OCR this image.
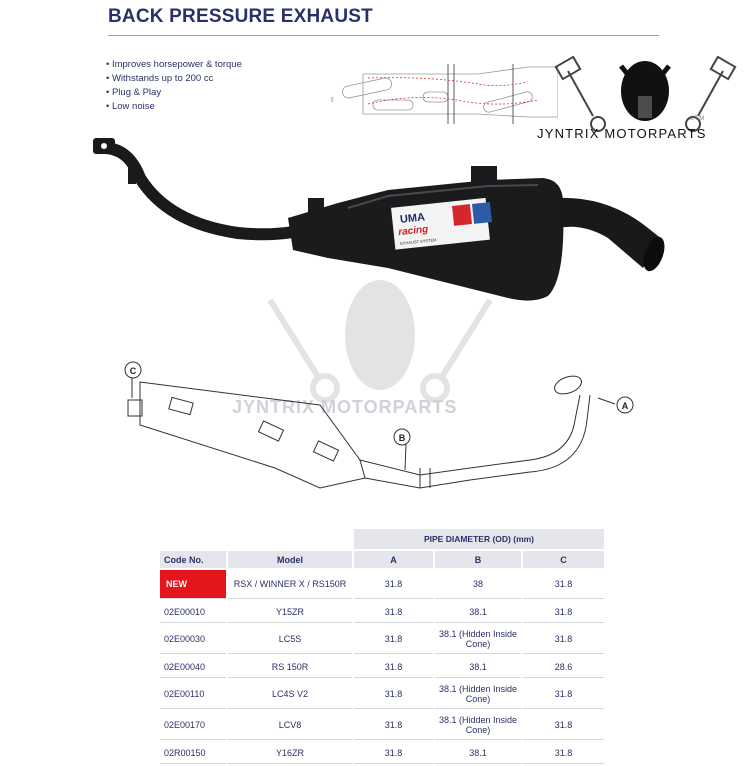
BACK PRESSURE EXHAUST
• Improves horsepower & torque
• Withstands up to 200 cc
• Plug & Play
• Low noise
≈≈
J.T.M
JYNTRIX MOTORPARTS
UMA
racing
EXHAUST SYSTEM
JYNTRIX MOTORPARTS	A
B
C
		PIPE DIAMETER (OD) (mm)		
Code No.	Model	A	B	C
NEW	RSX / WINNER X / RS150R	31.8	38	31.8
02E00010	Y15ZR	31.8	38.1	31.8
02E00030	LC5S	31.8	38.1 (Hidden Inside Cone)	31.8
02E00040	RS 150R	31.8	38.1	28.6
02E00110	LC4S V2	31.8	38.1 (Hidden Inside Cone)	31.8
02E00170	LCV8	31.8	38.1 (Hidden Inside Cone)	31.8
02R00150	Y16ZR	31.8	38.1	31.8
